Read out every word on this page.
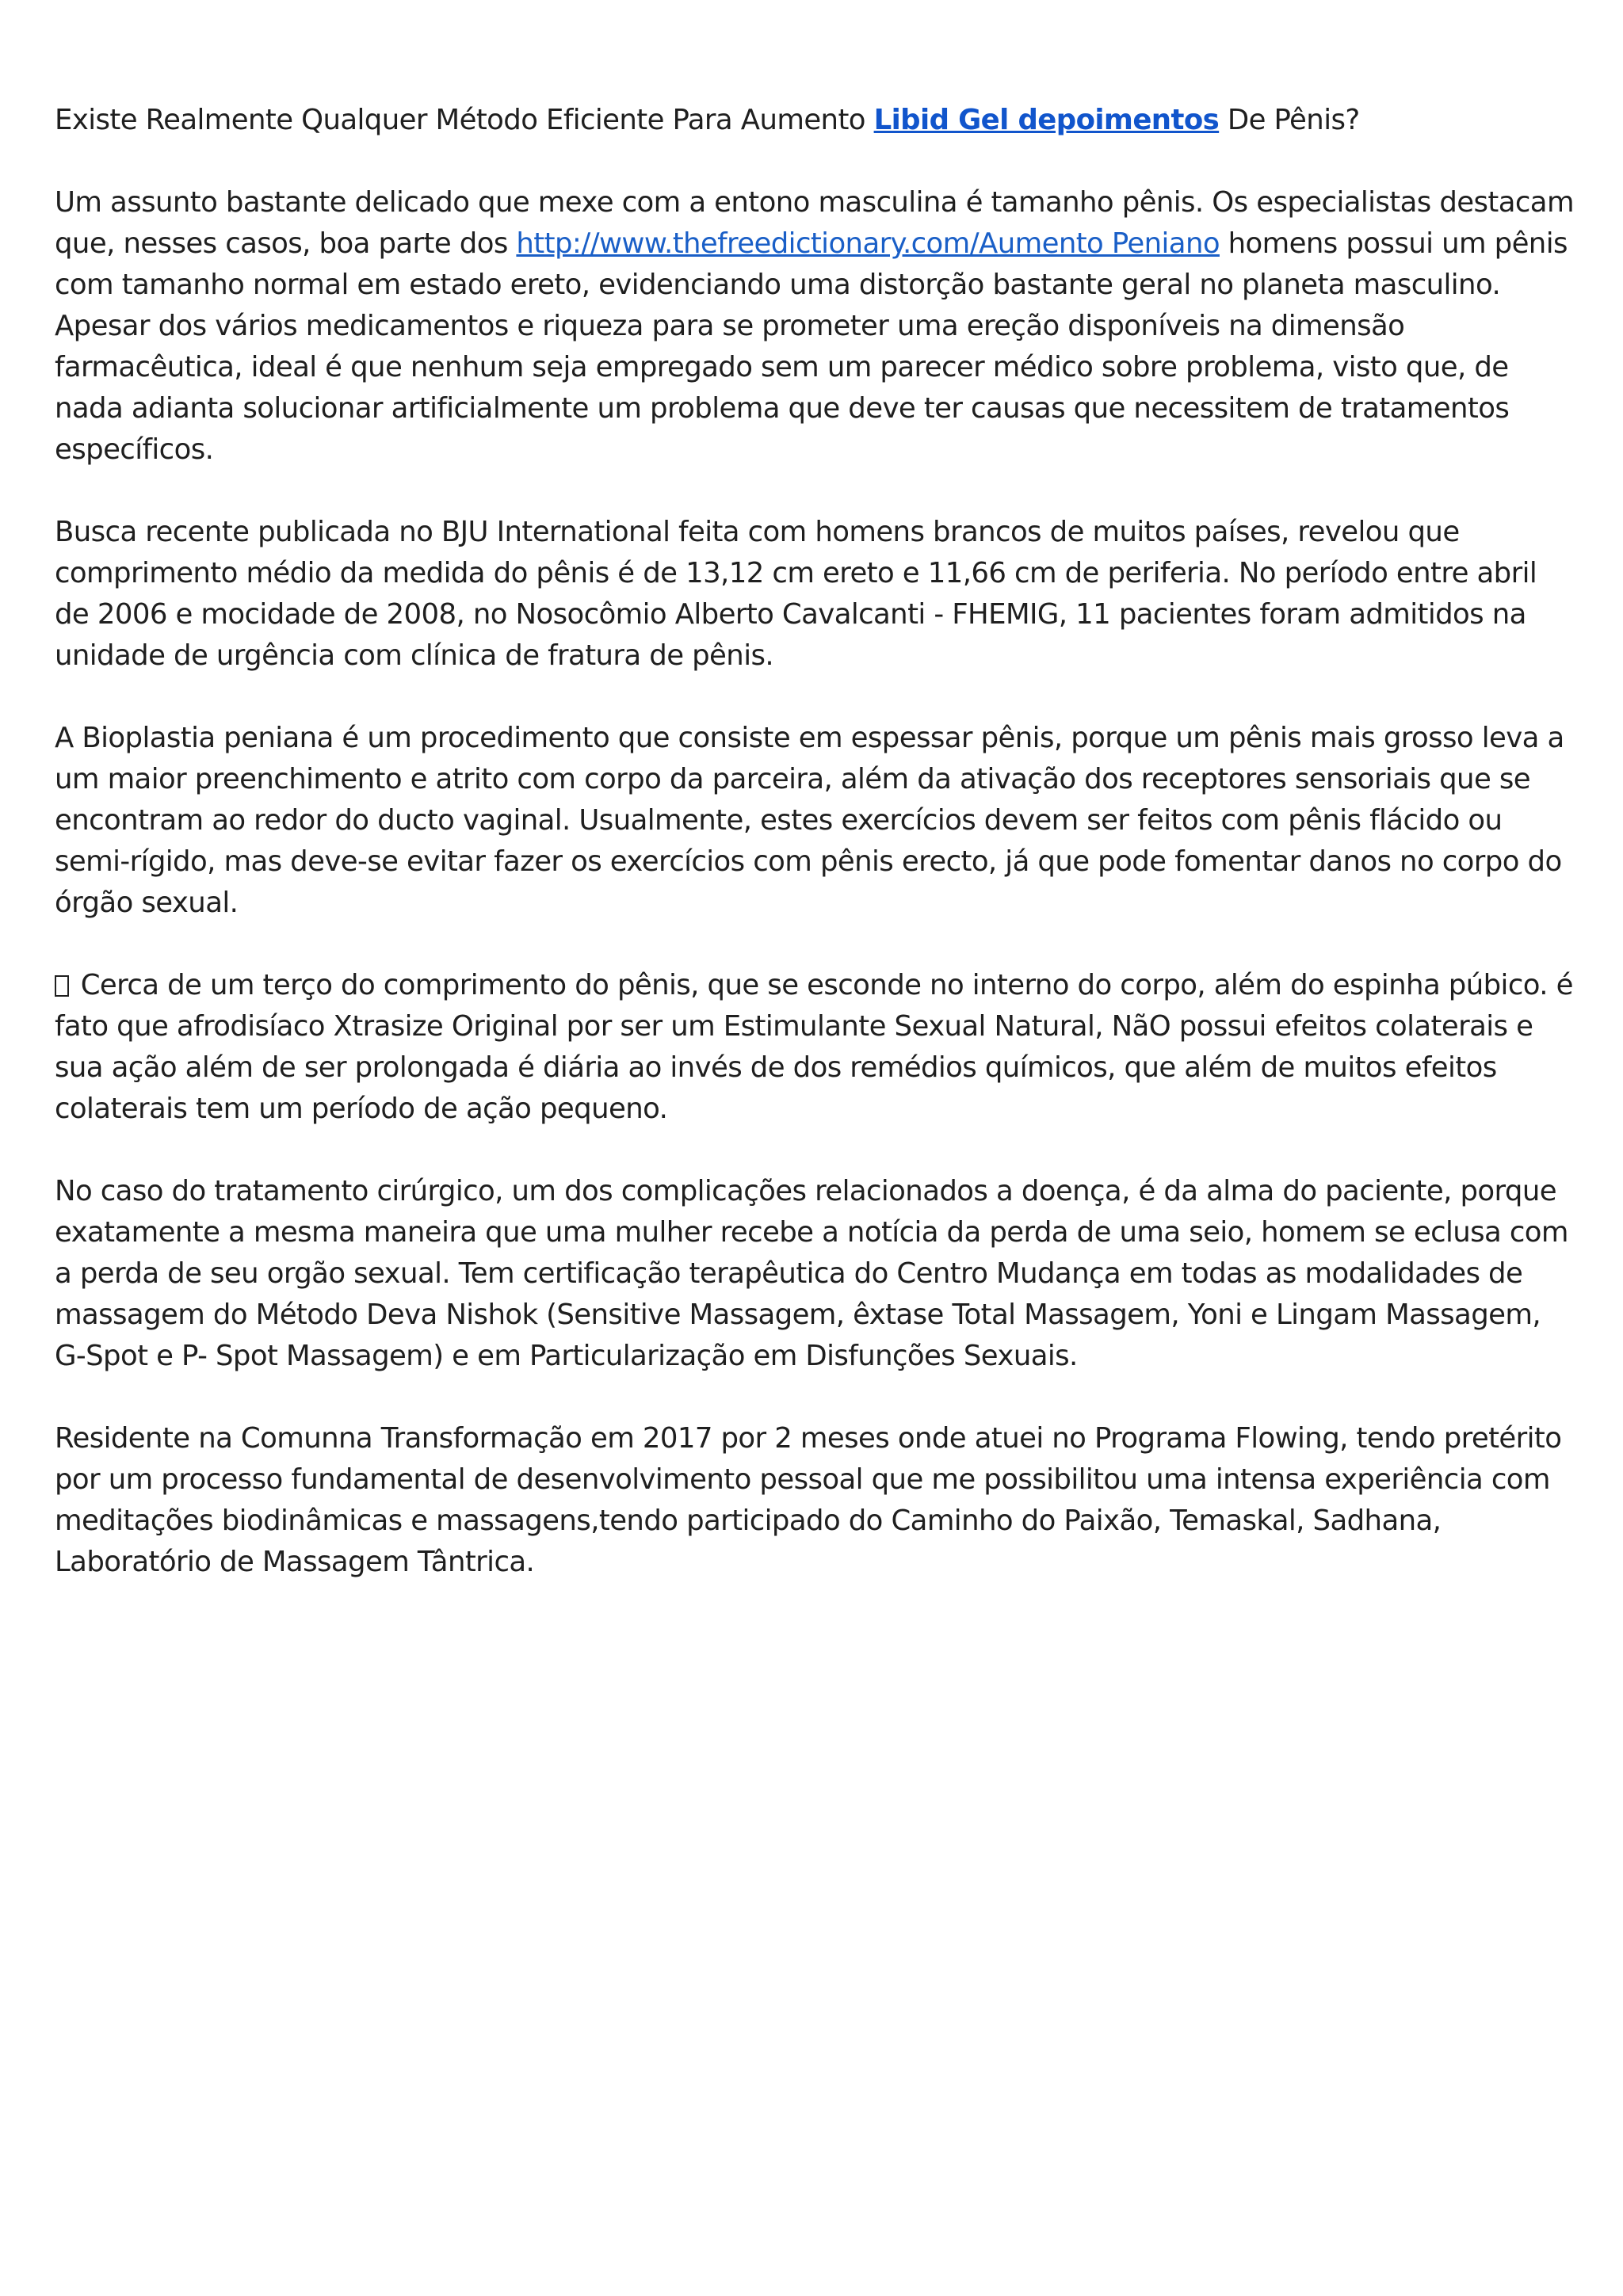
Existe Realmente Qualquer Método Eficiente Para Aumento Libid Gel depoimentos De Pênis?

Um assunto bastante delicado que mexe com a entono masculina é tamanho pênis. Os especialistas destacam que, nesses casos, boa parte dos http://www.thefreedictionary.com/Aumento Peniano homens possui um pênis com tamanho normal em estado ereto, evidenciando uma distorção bastante geral no planeta masculino. Apesar dos vários medicamentos e riqueza para se prometer uma ereção disponíveis na dimensão farmacêutica, ideal é que nenhum seja empregado sem um parecer médico sobre problema, visto que, de nada adianta solucionar artificialmente um problema que deve ter causas que necessitem de tratamentos específicos.

Busca recente publicada no BJU International feita com homens brancos de muitos países, revelou que comprimento médio da medida do pênis é de 13,12 cm ereto e 11,66 cm de periferia. No período entre abril de 2006 e mocidade de 2008, no Nosocômio Alberto Cavalcanti - FHEMIG, 11 pacientes foram admitidos na unidade de urgência com clínica de fratura de pênis.

A Bioplastia peniana é um procedimento que consiste em espessar pênis, porque um pênis mais grosso leva a um maior preenchimento e atrito com corpo da parceira, além da ativação dos receptores sensoriais que se encontram ao redor do ducto vaginal. Usualmente, estes exercícios devem ser feitos com pênis flácido ou semi-rígido, mas deve-se evitar fazer os exercícios com pênis erecto, já que pode fomentar danos no corpo do órgão sexual.

Cerca de um terço do comprimento do pênis, que se esconde no interno do corpo, além do espinha púbico. é fato que afrodisíaco Xtrasize Original por ser um Estimulante Sexual Natural, NãO possui efeitos colaterais e sua ação além de ser prolongada é diária ao invés de dos remédios químicos, que além de muitos efeitos colaterais tem um período de ação pequeno.

No caso do tratamento cirúrgico, um dos complicações relacionados a doença, é da alma do paciente, porque exatamente a mesma maneira que uma mulher recebe a notícia da perda de uma seio, homem se eclusa com a perda de seu orgão sexual. Tem certificação terapêutica do Centro Mudança em todas as modalidades de massagem do Método Deva Nishok (Sensitive Massagem, êxtase Total Massagem, Yoni e Lingam Massagem, G-Spot e P- Spot Massagem) e em Particularização em Disfunções Sexuais.

Residente na Comunna Transformação em 2017 por 2 meses onde atuei no Programa Flowing, tendo pretérito por um processo fundamental de desenvolvimento pessoal que me possibilitou uma intensa experiência com meditações biodinâmicas e massagens,tendo participado do Caminho do Paixão, Temaskal, Sadhana, Laboratório de Massagem Tântrica.
